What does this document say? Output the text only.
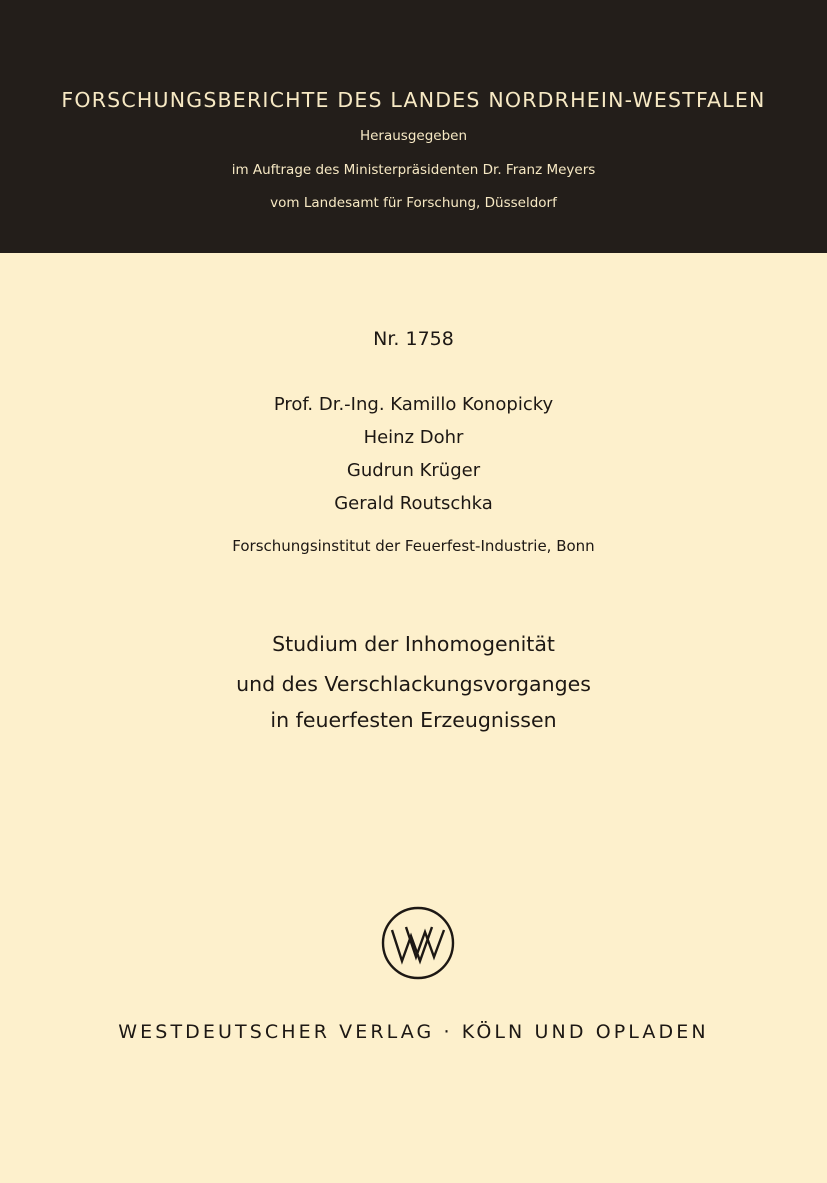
FORSCHUNGSBERICHTE DES LANDES NORDRHEIN-WESTFALEN
Herausgegeben
im Auftrage des Ministerpräsidenten Dr. Franz Meyers
vom Landesamt für Forschung, Düsseldorf
Nr. 1758
Prof. Dr.-Ing. Kamillo Konopicky
Heinz Dohr
Gudrun Krüger
Gerald Routschka
Forschungsinstitut der Feuerfest-Industrie, Bonn
Studium der Inhomogenität
und des Verschlackungsvorganges
in feuerfesten Erzeugnissen
WESTDEUTSCHER VERLAG · KÖLN UND OPLADEN
